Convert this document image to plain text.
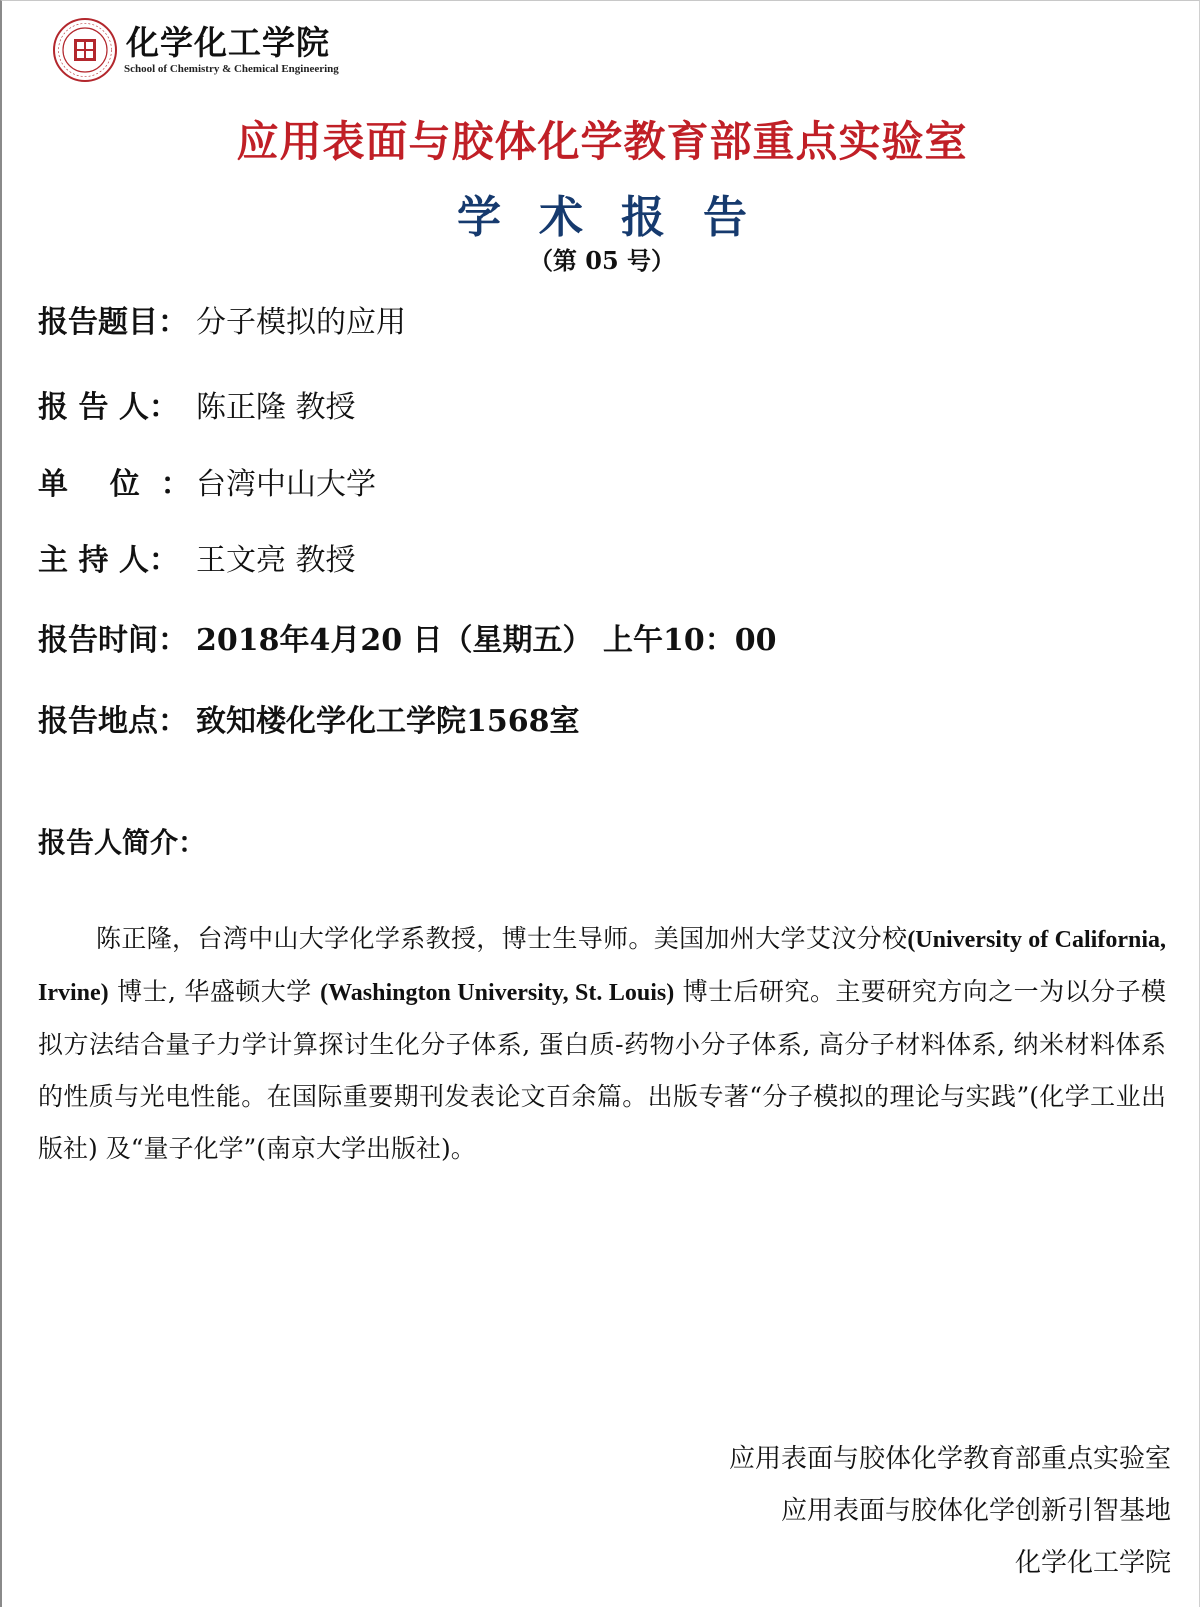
化学化工学院
School of Chemistry & Chemical Engineering
应用表面与胶体化学教育部重点实验室
学术报告
（第 05 号）
报告题目： 分子模拟的应用
报 告 人： 陈正隆 教授
单    位  ： 台湾中山大学
主 持 人： 王文亮 教授
报告时间： 2018年4月20 日（星期五） 上午10：00
报告地点： 致知楼化学化工学院1568室
报告人简介：
陈正隆，台湾中山大学化学系教授，博士生导师。美国加州大学艾汶分校(University of California, Irvine) 博士, 华盛顿大学 (Washington University, St. Louis) 博士后研究。主要研究方向之一为以分子模拟方法结合量子力学计算探讨生化分子体系, 蛋白质-药物小分子体系, 高分子材料体系, 纳米材料体系的性质与光电性能。在国际重要期刊发表论文百余篇。出版专著“分子模拟的理论与实践”(化学工业出版社) 及“量子化学”(南京大学出版社)。
应用表面与胶体化学教育部重点实验室
应用表面与胶体化学创新引智基地
化学化工学院
